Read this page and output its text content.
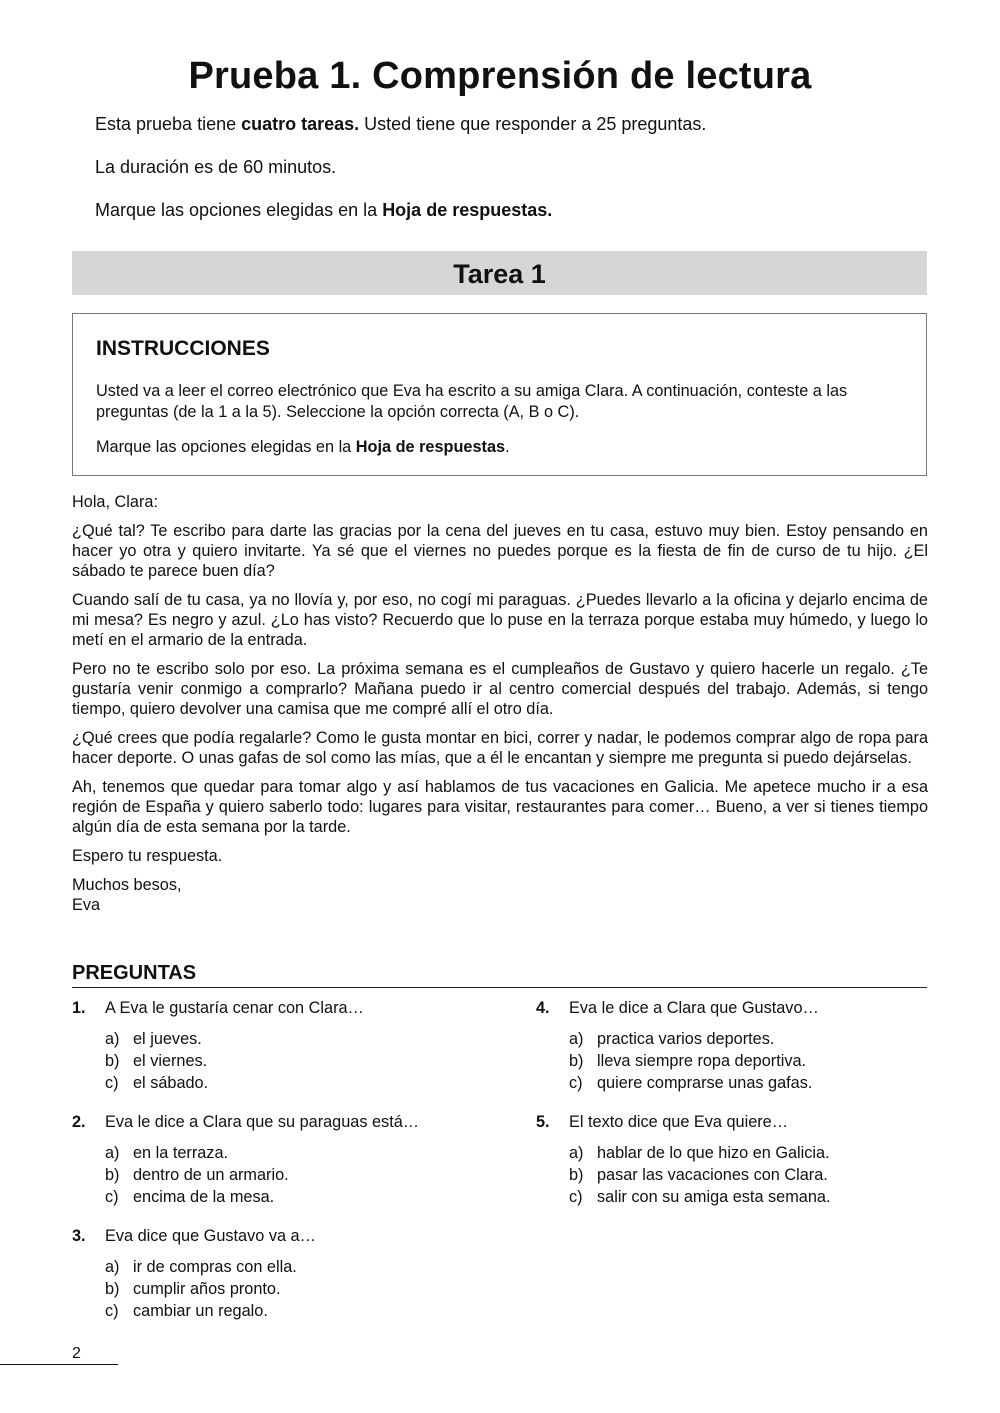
Prueba 1. Comprensión de lectura

Esta prueba tiene cuatro tareas. Usted tiene que responder a 25 preguntas.

La duración es de 60 minutos.

Marque las opciones elegidas en la Hoja de respuestas.

Tarea 1
INSTRUCCIONES

Usted va a leer el correo electrónico que Eva ha escrito a su amiga Clara. A continuación, conteste a las preguntas (de la 1 a la 5). Seleccione la opción correcta (A, B o C).

Marque las opciones elegidas en la Hoja de respuestas.

Hola, Clara:

¿Qué tal? Te escribo para darte las gracias por la cena del jueves en tu casa, estuvo muy bien. Estoy pensando en hacer yo otra y quiero invitarte. Ya sé que el viernes no puedes porque es la fiesta de fin de curso de tu hijo. ¿El sábado te parece buen día?

Cuando salí de tu casa, ya no llovía y, por eso, no cogí mi paraguas. ¿Puedes llevarlo a la oficina y dejarlo encima de mi mesa? Es negro y azul. ¿Lo has visto? Recuerdo que lo puse en la terraza porque estaba muy húmedo, y luego lo metí en el armario de la entrada.

Pero no te escribo solo por eso. La próxima semana es el cumpleaños de Gustavo y quiero hacerle un regalo. ¿Te gustaría venir conmigo a comprarlo? Mañana puedo ir al centro comercial después del trabajo. Además, si tengo tiempo, quiero devolver una camisa que me compré allí el otro día.

¿Qué crees que podía regalarle? Como le gusta montar en bici, correr y nadar, le podemos comprar algo de ropa para hacer deporte. O unas gafas de sol como las mías, que a él le encantan y siempre me pregunta si puedo dejárselas.

Ah, tenemos que quedar para tomar algo y así hablamos de tus vacaciones en Galicia. Me apetece mucho ir a esa región de España y quiero saberlo todo: lugares para visitar, restaurantes para comer… Bueno, a ver si tienes tiempo algún día de esta semana por la tarde.

Espero tu respuesta.

Muchos besos,
Eva

PREGUNTAS
1. A Eva le gustaría cenar con Clara…
a) el jueves.
b) el viernes.
c) el sábado.
2. Eva le dice a Clara que su paraguas está…
a) en la terraza.
b) dentro de un armario.
c) encima de la mesa.
3. Eva dice que Gustavo va a…
a) ir de compras con ella.
b) cumplir años pronto.
c) cambiar un regalo.
4. Eva le dice a Clara que Gustavo…
a) practica varios deportes.
b) lleva siempre ropa deportiva.
c) quiere comprarse unas gafas.
5. El texto dice que Eva quiere…
a) hablar de lo que hizo en Galicia.
b) pasar las vacaciones con Clara.
c) salir con su amiga esta semana.
2
